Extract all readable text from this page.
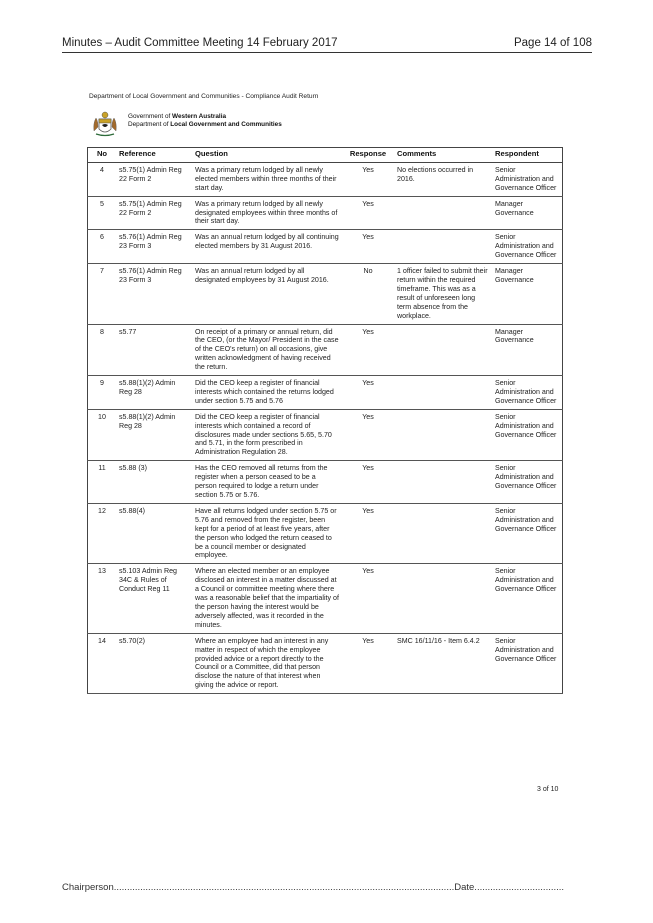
Minutes – Audit Committee Meeting 14 February 2017	Page 14 of 108
Department of Local Government and Communities - Compliance Audit Return
Government of Western Australia
Department of Local Government and Communities
No	Reference	Question	Response	Comments	Respondent
4	s5.75(1) Admin Reg 22 Form 2	Was a primary return lodged by all newly elected members within three months of their start day.	Yes	No elections occurred in 2016.	Senior Administration and Governance Officer
5	s5.75(1) Admin Reg 22 Form 2	Was a primary return lodged by all newly designated employees within three months of their start day.	Yes		Manager Governance
6	s5.76(1) Admin Reg 23 Form 3	Was an annual return lodged by all continuing elected members by 31 August 2016.	Yes		Senior Administration and Governance Officer
7	s5.76(1) Admin Reg 23 Form 3	Was an annual return lodged by all designated employees by 31 August 2016.	No	1 officer failed to submit their return within the required timeframe. This was as a result of unforeseen long term absence from the workplace.	Manager Governance
8	s5.77	On receipt of a primary or annual return, did the CEO, (or the Mayor/ President in the case of the CEO's return) on all occasions, give written acknowledgment of having received the return.	Yes		Manager Governance
9	s5.88(1)(2) Admin Reg 28	Did the CEO keep a register of financial interests which contained the returns lodged under section 5.75 and 5.76	Yes		Senior Administration and Governance Officer
10	s5.88(1)(2) Admin Reg 28	Did the CEO keep a register of financial interests which contained a record of disclosures made under sections 5.65, 5.70 and 5.71, in the form prescribed in Administration Regulation 28.	Yes		Senior Administration and Governance Officer
11	s5.88 (3)	Has the CEO removed all returns from the register when a person ceased to be a person required to lodge a return under section 5.75 or 5.76.	Yes		Senior Administration and Governance Officer
12	s5.88(4)	Have all returns lodged under section 5.75 or 5.76 and removed from the register, been kept for a period of at least five years, after the person who lodged the return ceased to be a council member or designated employee.	Yes		Senior Administration and Governance Officer
13	s5.103 Admin Reg 34C & Rules of Conduct Reg 11	Where an elected member or an employee disclosed an interest in a matter discussed at a Council or committee meeting where there was a reasonable belief that the impartiality of the person having the interest would be adversely affected, was it recorded in the minutes.	Yes		Senior Administration and Governance Officer
14	s5.70(2)	Where an employee had an interest in any matter in respect of which the employee provided advice or a report directly to the Council or a Committee, did that person disclose the nature of that interest when giving the advice or report.	Yes	SMC 16/11/16 - Item 6.4.2	Senior Administration and Governance Officer
3 of 10
Chairperson.................................................................................................................................Date..................................
